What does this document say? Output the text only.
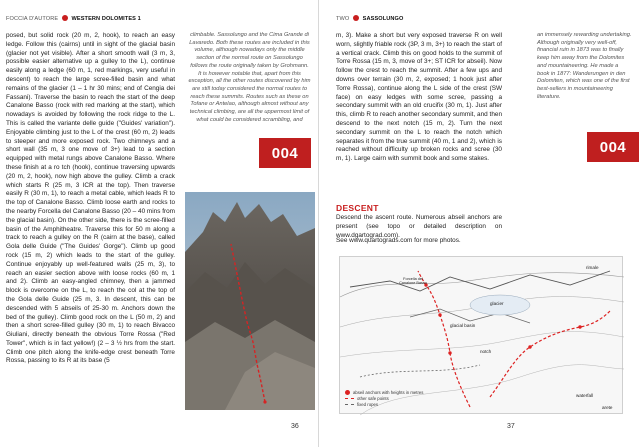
FOCCIA D'AUTORE WESTERN DOLOMITES 1
posed, but solid rock (20 m, 2, hook), to reach an easy ledge. Follow this (cairns) until in sight of the glacial basin (glacier not yet visible). After a short smooth wall (3 m, 3, possible easier alternative up a gulley to the L), continue easily along a ledge (60 m, 1, red markings, very useful in descent) to reach the large scree-filled basin and what remains of the glacier (1 – 1 hr 30 mins; end of Cengia dei Fassani). Traverse the basin to reach the start of the deep Canalone Basso (rock with red marking at the start), which nowadays is avoided by following the rock ridge to the L. This is called the variante delle guide ("Guides' variation"). Enjoyable climbing just to the L of the crest (60 m, 2) leads to steeper and more exposed rock. Two chimneys and a short wall (35 m, 3 one move of 3+) lead to a section equipped with metal rungs above Canalone Basso. Where these finish at a ro tch (hook), continue traversing upwards (20 m, 2, hook), now high above the gulley. Climb a crack which starts R (25 m, 3 ICR at the top). Then traverse easily R (30 m, 1), to reach a metal cable, which leads R to the top of Canalone Basso. Climb loose earth and rocks to the nearby Forcella del Canalone Basso (20 – 40 mins from the glacial basin). On the other side, there is the scree-filled basin of the Amphitheatre. Traverse this for 50 m along a track to reach a gulley on the R (cairn at the base), called Gola delle Guide ("The Guides' Gorge"). Climb up good rock (15 m, 2) which leads to the start of the gulley. Continue enjoyably up well-featured walls (25 m, 3), to reach an easier section above with loose rocks (60 m, 1 and 2). Climb an easy-angled chimney, then a jammed block is overcome on the L, to reach the col at the top of the Gola delle Guide (25 m, 3. In descent, this can be descended with 5 abseils of 25-30 m. Anchors down the bed of the gulley). Climb good rock on the L (50 m, 2) and then a short scree-filled gulley (30 m, 1) to reach Bivacco Giuliani, directly beneath the obvious Torre Rossa ("Red Tower", which is in fact yellow!) (2 – 3 ½ hrs from the start. Climb one pitch along the knife-edge crest beneath Torre Rossa, passing to its R at its base (5
climbable. Sassolungo and the Cima Grande di Lavaredo. Both these routes are included in this volume, although nowadays only the middle section of the normal route on Sassolungo follows the route originally taken by Grohmann. It is however notable that, apart from this exception, all the other routes discovered by him are still today considered the normal routes to reach these summits. Routes such as these on Tofane or Antelao, although almost without any technical climbing, are all the uppermost limit of what could be considered scrambling, and
004
36
TWO SASSOLUNGO
m, 3). Make a short but very exposed traverse R on well worn, slightly friable rock (3P, 3 m, 3+) to reach the start of a vertical crack. Climb this on good holds to the summit of Torre Rossa (15 m, 3, move of 3+; ST ICR for abseil). Now follow the crest to reach the summit. After a few ups and downs over terrain (30 m, 2, exposed; 1 hook just after Torre Rossa), continue along the L side of the crest (SW face) on easy ledges with some scree, passing a secondary summit with an old crucifix (30 m, 1). Just after this, climb R to reach another secondary summit, and then descend to the next notch (15 m, 2). Turn the next secondary summit on the L to reach the notch which separates it from the true summit (40 m, 1 and 2), which is reached without difficulty up broken rocks and scree (30 m, 1). Large cairn with summit book and some stakes.
an immensely rewarding undertaking. Although originally very well-off, financial ruin in 1873 was to finally keep him away from the Dolomites and mountaineering. He made a book in 1877: Wanderungen in den Dolomiten, which was one of the first best-sellers in mountaineering literature.
004
DESCENT
Descend the ascent route. Numerous abseil anchors are present (see topo or detailed description on www.dgartograd.com).
See www.quartograds.com for more photos.
37
rimale
Forcella del Canalone Basso
glacier
glacial basin
notch
arete
waterfall
abseil anchors with heights in metres
other safe points
fixed ropes
